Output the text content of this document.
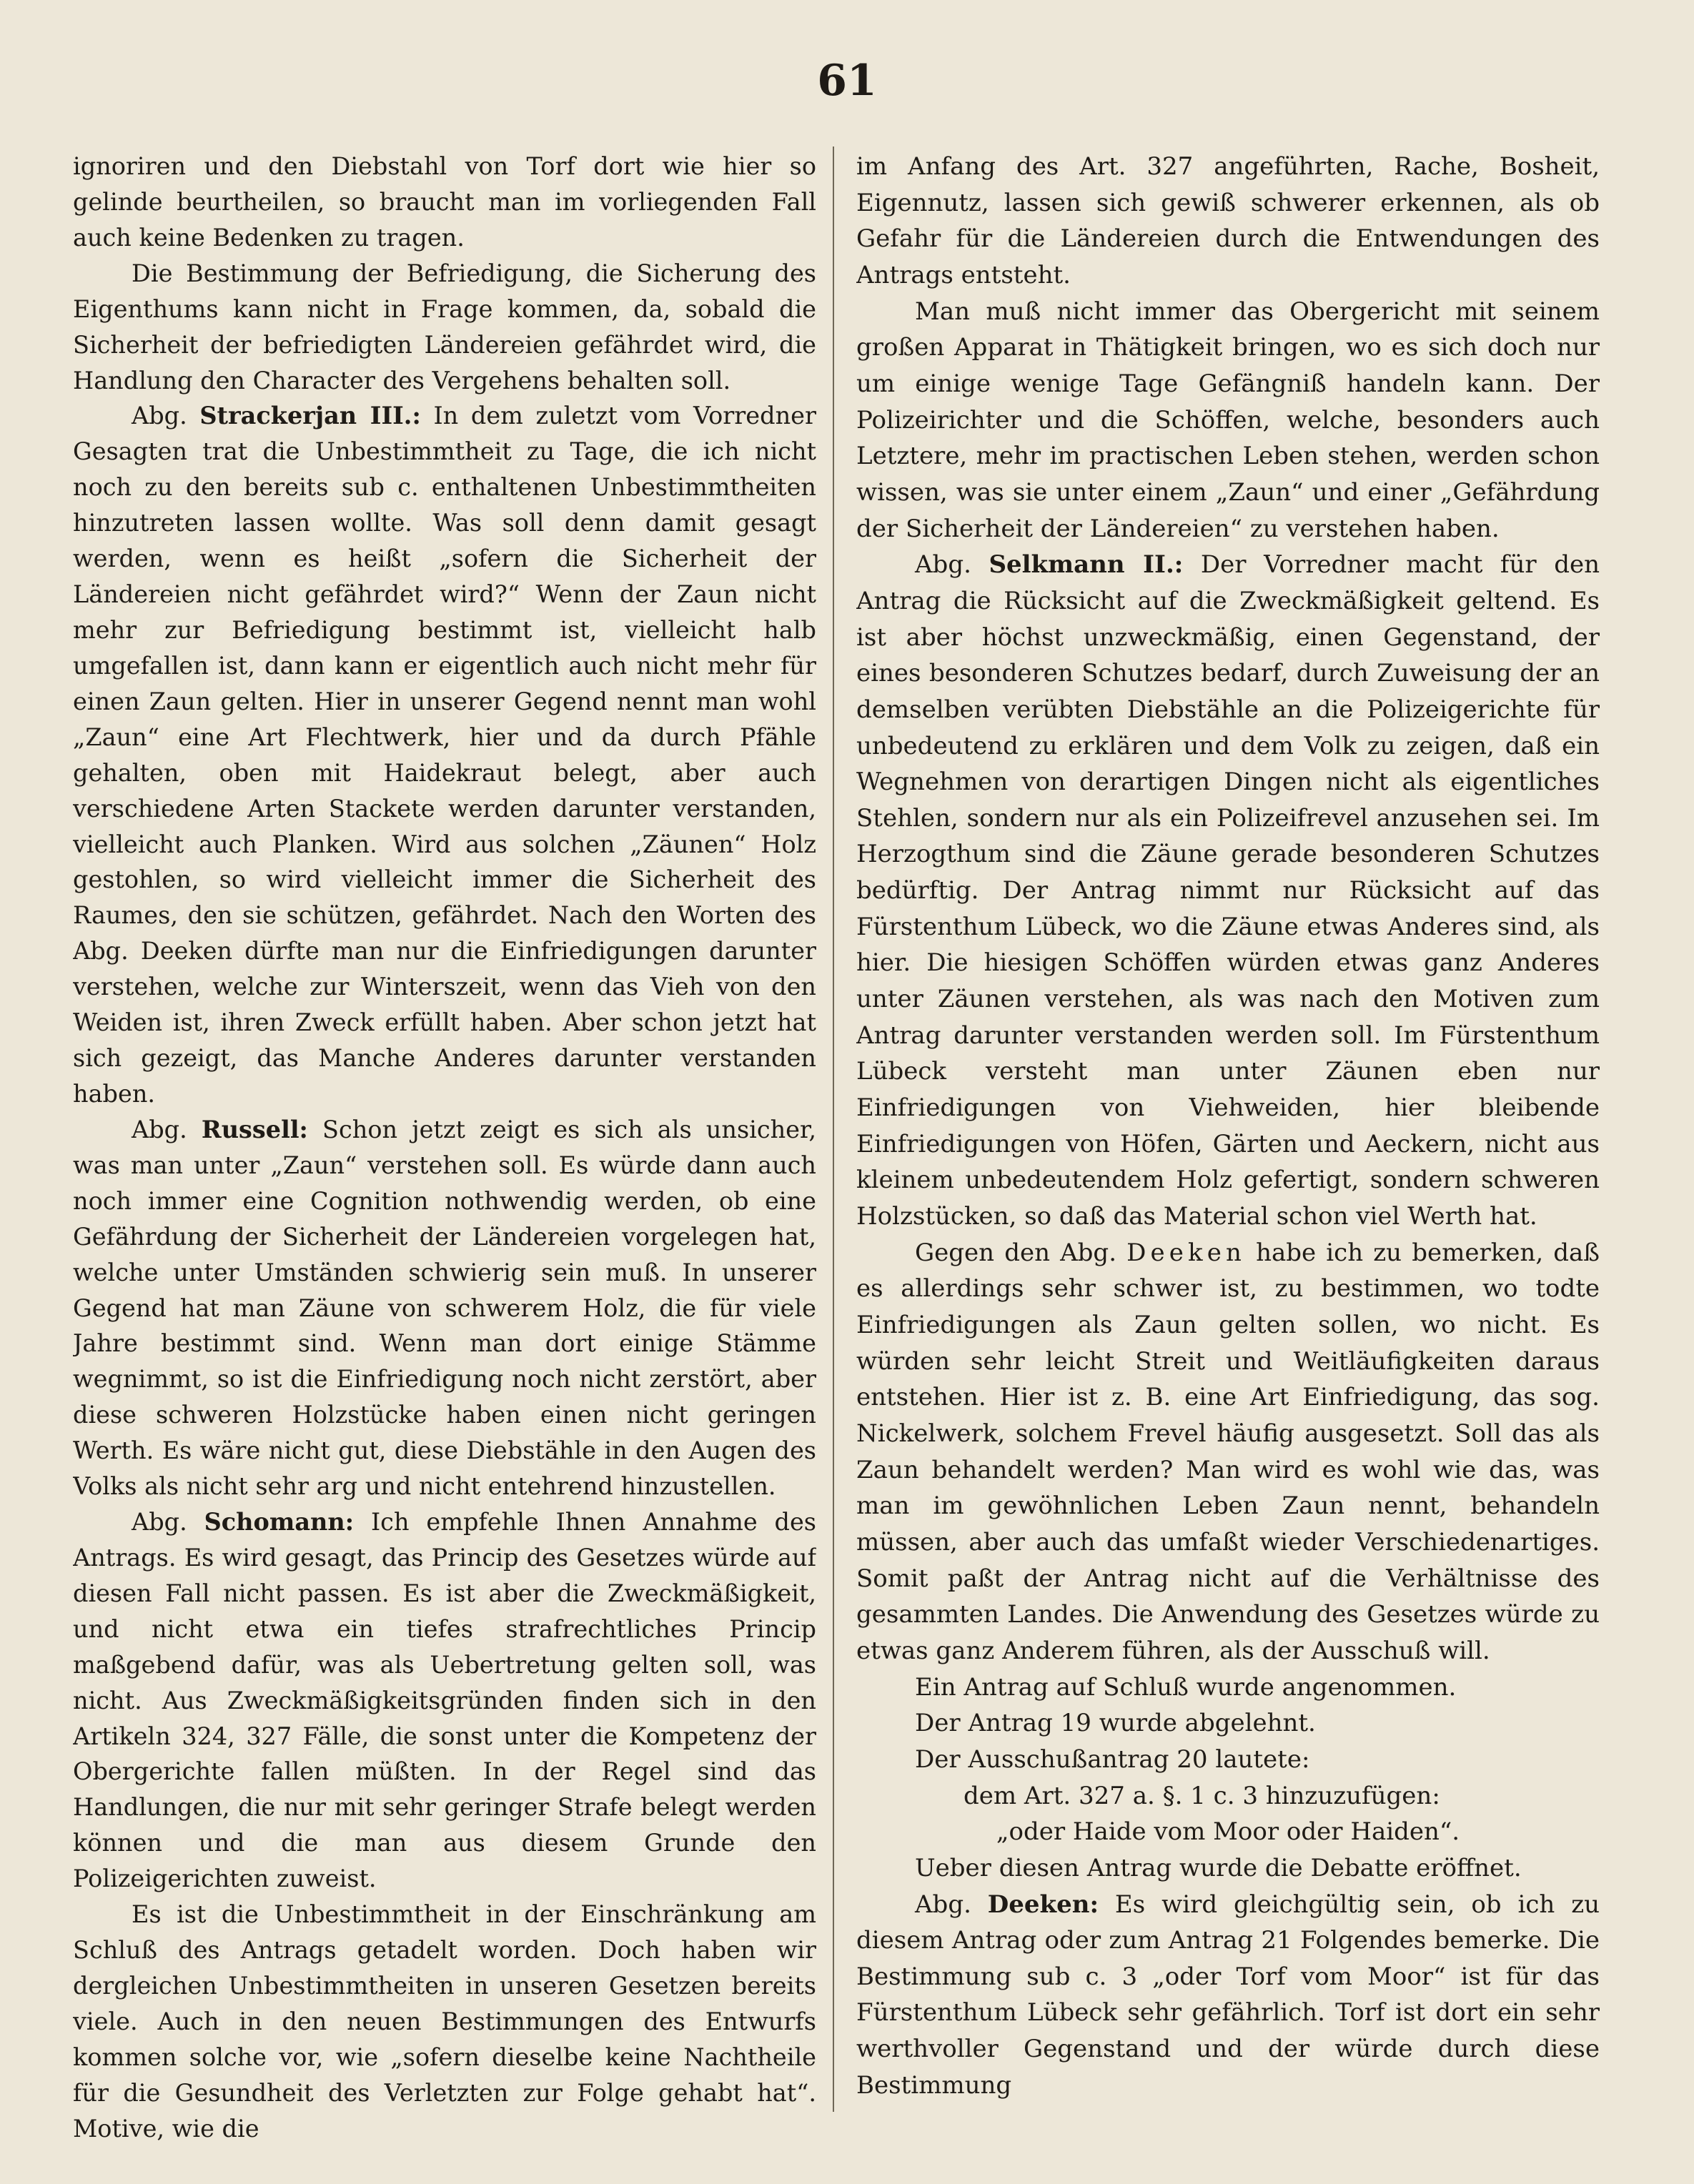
61

ignoriren und den Diebstahl von Torf dort wie hier so gelinde beurtheilen, so braucht man im vorliegenden Fall auch keine Bedenken zu tragen.

Die Bestimmung der Befriedigung, die Sicherung des Eigenthums kann nicht in Frage kommen, da, sobald die Sicherheit der befriedigten Ländereien gefährdet wird, die Handlung den Character des Vergehens behalten soll.

Abg. Strackerjan III.: In dem zuletzt vom Vorredner Gesagten trat die Unbestimmtheit zu Tage, die ich nicht noch zu den bereits sub c. enthaltenen Unbestimmtheiten hinzutreten lassen wollte. Was soll denn damit gesagt werden, wenn es heißt „sofern die Sicherheit der Ländereien nicht gefährdet wird?“ Wenn der Zaun nicht mehr zur Befriedigung bestimmt ist, vielleicht halb umgefallen ist, dann kann er eigentlich auch nicht mehr für einen Zaun gelten. Hier in unserer Gegend nennt man wohl „Zaun“ eine Art Flechtwerk, hier und da durch Pfähle gehalten, oben mit Haidekraut belegt, aber auch verschiedene Arten Stackete werden darunter verstanden, vielleicht auch Planken. Wird aus solchen „Zäunen“ Holz gestohlen, so wird vielleicht immer die Sicherheit des Raumes, den sie schützen, gefährdet. Nach den Worten des Abg. Deeken dürfte man nur die Einfriedigungen darunter verstehen, welche zur Winterszeit, wenn das Vieh von den Weiden ist, ihren Zweck erfüllt haben. Aber schon jetzt hat sich gezeigt, das Manche Anderes darunter verstanden haben.

Abg. Russell: Schon jetzt zeigt es sich als unsicher, was man unter „Zaun“ verstehen soll. Es würde dann auch noch immer eine Cognition nothwendig werden, ob eine Gefährdung der Sicherheit der Ländereien vorgelegen hat, welche unter Umständen schwierig sein muß. In unserer Gegend hat man Zäune von schwerem Holz, die für viele Jahre bestimmt sind. Wenn man dort einige Stämme wegnimmt, so ist die Einfriedigung noch nicht zerstört, aber diese schweren Holzstücke haben einen nicht geringen Werth. Es wäre nicht gut, diese Diebstähle in den Augen des Volks als nicht sehr arg und nicht entehrend hinzustellen.

Abg. Schomann: Ich empfehle Ihnen Annahme des Antrags. Es wird gesagt, das Princip des Gesetzes würde auf diesen Fall nicht passen. Es ist aber die Zweckmäßigkeit, und nicht etwa ein tiefes strafrechtliches Princip maßgebend dafür, was als Uebertretung gelten soll, was nicht. Aus Zweckmäßigkeitsgründen finden sich in den Artikeln 324, 327 Fälle, die sonst unter die Kompetenz der Obergerichte fallen müßten. In der Regel sind das Handlungen, die nur mit sehr geringer Strafe belegt werden können und die man aus diesem Grunde den Polizeigerichten zuweist.

Es ist die Unbestimmtheit in der Einschränkung am Schluß des Antrags getadelt worden. Doch haben wir dergleichen Unbestimmtheiten in unseren Gesetzen bereits viele. Auch in den neuen Bestimmungen des Entwurfs kommen solche vor, wie „sofern dieselbe keine Nachtheile für die Gesundheit des Verletzten zur Folge gehabt hat“. Motive, wie die

im Anfang des Art. 327 angeführten, Rache, Bosheit, Eigennutz, lassen sich gewiß schwerer erkennen, als ob Gefahr für die Ländereien durch die Entwendungen des Antrags entsteht.

Man muß nicht immer das Obergericht mit seinem großen Apparat in Thätigkeit bringen, wo es sich doch nur um einige wenige Tage Gefängniß handeln kann. Der Polizeirichter und die Schöffen, welche, besonders auch Letztere, mehr im practischen Leben stehen, werden schon wissen, was sie unter einem „Zaun“ und einer „Gefährdung der Sicherheit der Ländereien“ zu verstehen haben.

Abg. Selkmann II.: Der Vorredner macht für den Antrag die Rücksicht auf die Zweckmäßigkeit geltend. Es ist aber höchst unzweckmäßig, einen Gegenstand, der eines besonderen Schutzes bedarf, durch Zuweisung der an demselben verübten Diebstähle an die Polizeigerichte für unbedeutend zu erklären und dem Volk zu zeigen, daß ein Wegnehmen von derartigen Dingen nicht als eigentliches Stehlen, sondern nur als ein Polizeifrevel anzusehen sei. Im Herzogthum sind die Zäune gerade besonderen Schutzes bedürftig. Der Antrag nimmt nur Rücksicht auf das Fürstenthum Lübeck, wo die Zäune etwas Anderes sind, als hier. Die hiesigen Schöffen würden etwas ganz Anderes unter Zäunen verstehen, als was nach den Motiven zum Antrag darunter verstanden werden soll. Im Fürstenthum Lübeck versteht man unter Zäunen eben nur Einfriedigungen von Viehweiden, hier bleibende Einfriedigungen von Höfen, Gärten und Aeckern, nicht aus kleinem unbedeutendem Holz gefertigt, sondern schweren Holzstücken, so daß das Material schon viel Werth hat.

Gegen den Abg. Deeken habe ich zu bemerken, daß es allerdings sehr schwer ist, zu bestimmen, wo todte Einfriedigungen als Zaun gelten sollen, wo nicht. Es würden sehr leicht Streit und Weitläufigkeiten daraus entstehen. Hier ist z. B. eine Art Einfriedigung, das sog. Nickelwerk, solchem Frevel häufig ausgesetzt. Soll das als Zaun behandelt werden? Man wird es wohl wie das, was man im gewöhnlichen Leben Zaun nennt, behandeln müssen, aber auch das umfaßt wieder Verschiedenartiges. Somit paßt der Antrag nicht auf die Verhältnisse des gesammten Landes. Die Anwendung des Gesetzes würde zu etwas ganz Anderem führen, als der Ausschuß will.

Ein Antrag auf Schluß wurde angenommen.

Der Antrag 19 wurde abgelehnt.

Der Ausschußantrag 20 lautete:

dem Art. 327 a. §. 1 c. 3 hinzuzufügen:

„oder Haide vom Moor oder Haiden“.

Ueber diesen Antrag wurde die Debatte eröffnet.

Abg. Deeken: Es wird gleichgültig sein, ob ich zu diesem Antrag oder zum Antrag 21 Folgendes bemerke. Die Bestimmung sub c. 3 „oder Torf vom Moor“ ist für das Fürstenthum Lübeck sehr gefährlich. Torf ist dort ein sehr werthvoller Gegenstand und der würde durch diese Bestimmung
